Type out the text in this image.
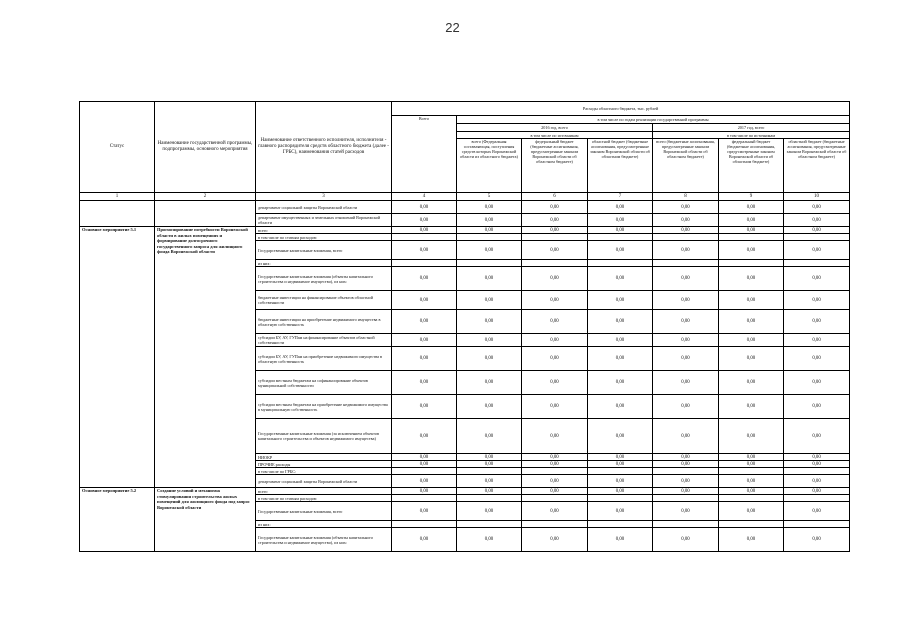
22
Статус	Наименование государственной программы, подпрограммы, основного мероприятия	Наименование ответственного исполнителя, исполнителя - главного распорядителя средств областного бюджета (далее - ГРБС), наименования статей расходов	Расходы областного бюджета, тыс. рублей						
			Всего	в том числе по годам реализации государственной программы					
				2016 год, всего			2017 год, всего		
				в том числе по источникам			в том числе по источникам		
				всего (Федеральная составляющая, поступления средств которых Воронежской области из областного бюджета)	федеральный бюджет (бюджетные ассигнования, предусмотренные законом Воронежской области об областном бюджете)	областной бюджет (бюджетные ассигнования, предусмотренные законом Воронежской области об областном бюджете)	всего (бюджетные ассигнования, предусмотренные законом Воронежской области об областном бюджете)	федеральный бюджет (бюджетные ассигнования, предусмотренные законом Воронежской области об областном бюджете)	областной бюджет (бюджетные ассигнования, предусмотренные законом Воронежской области об областном бюджете)
1	2	3	4	5	6	7	8	9	10
		департамент социальной защиты Воронежской области	0,00	0,00	0,00	0,00	0,00	0,00	0,00
		департамент имущественных и земельных отношений Воронежской области	0,00	0,00	0,00	0,00	0,00	0,00	0,00
Основное мероприятие 5.1	Прогнозирование потребности Воронежской области в жилых помещениях и формирование долгосрочного государственного запроса для жилищного фонда Воронежской области	всего	0,00	0,00	0,00	0,00	0,00	0,00	0,00
		в том числе по статьям расходов:							
		Государственные капитальные вложения, всего	0,00	0,00	0,00	0,00	0,00	0,00	0,00
		из них:							
		Государственные капитальные вложения (объекты капитального строительства и недвижимое имущество), из них:	0,00	0,00	0,00	0,00	0,00	0,00	0,00
		бюджетные инвестиции на финансирование объектов областной собственности	0,00	0,00	0,00	0,00	0,00	0,00	0,00
		бюджетные инвестиции на приобретение недвижимого имущества в областную собственность	0,00	0,00	0,00	0,00	0,00	0,00	0,00
		субсидии БУ, АУ, ГУПам на финансирование объектов областной собственности	0,00	0,00	0,00	0,00	0,00	0,00	0,00
		субсидии БУ, АУ, ГУПам на приобретение недвижимого имущества в областную собственность	0,00	0,00	0,00	0,00	0,00	0,00	0,00
		субсидии местным бюджетам на софинансирование объектов муниципальной собственности	0,00	0,00	0,00	0,00	0,00	0,00	0,00
		субсидии местным бюджетам на приобретение недвижимого имущества в муниципальную собственность	0,00	0,00	0,00	0,00	0,00	0,00	0,00
		Государственные капитальные вложения (за исключением объектов капитального строительства и объектов недвижимого имущества)	0,00	0,00	0,00	0,00	0,00	0,00	0,00
		НИОКР	0,00	0,00	0,00	0,00	0,00	0,00	0,00
		ПРОЧИЕ расходы	0,00	0,00	0,00	0,00	0,00	0,00	0,00
		в том числе по ГРБС:							
		департамент социальной защиты Воронежской области	0,00	0,00	0,00	0,00	0,00	0,00	0,00
Основное мероприятие 5.2	Создание условий и механизма стимулирования строительства жилых помещений для жилищного фонда под запрос Воронежской области	всего	0,00	0,00	0,00	0,00	0,00	0,00	0,00
		в том числе по статьям расходов:							
		Государственные капитальные вложения, всего	0,00	0,00	0,00	0,00	0,00	0,00	0,00
		из них:							
		Государственные капитальные вложения (объекты капитального строительства и недвижимое имущество), из них:	0,00	0,00	0,00	0,00	0,00	0,00	0,00
